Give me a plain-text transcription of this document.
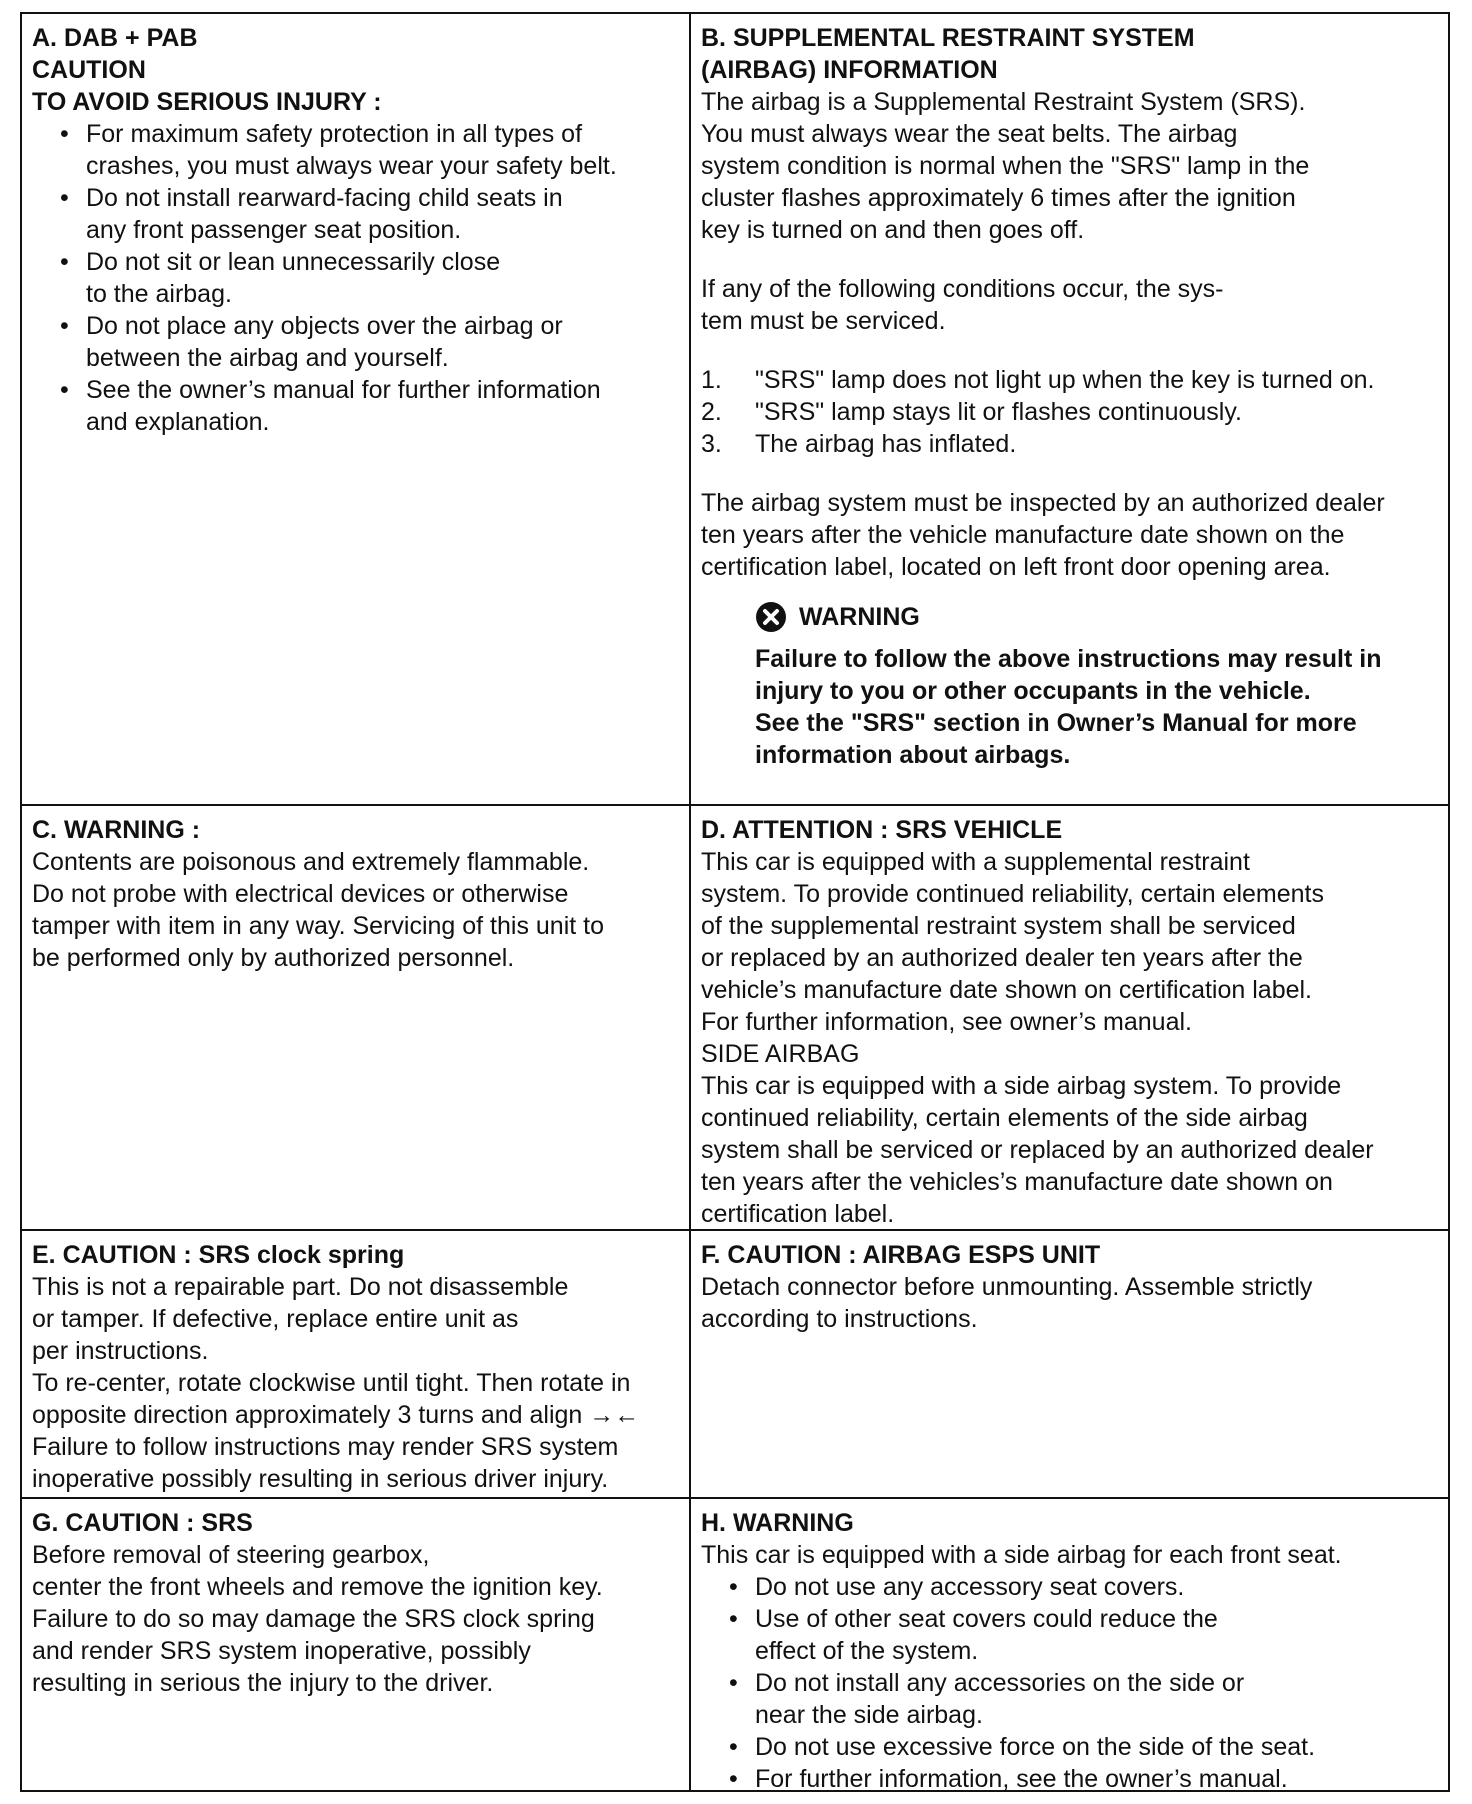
A. DAB + PAB
CAUTION
TO AVOID SERIOUS INJURY :
• For maximum safety protection in all types of
crashes, you must always wear your safety belt.
• Do not install rearward-facing child seats in
any front passenger seat position.
• Do not sit or lean unnecessarily close
to the airbag.
• Do not place any objects over the airbag or
between the airbag and yourself.
• See the owner’s manual for further information
and explanation.
B. SUPPLEMENTAL RESTRAINT SYSTEM
(AIRBAG) INFORMATION
The airbag is a Supplemental Restraint System (SRS).
You must always wear the seat belts. The airbag
system condition is normal when the "SRS" lamp in the
cluster flashes approximately 6 times after the ignition
key is turned on and then goes off.
If any of the following conditions occur, the sys-
tem must be serviced.
1. "SRS" lamp does not light up when the key is turned on.
2. "SRS" lamp stays lit or flashes continuously.
3. The airbag has inflated.
The airbag system must be inspected by an authorized dealer
ten years after the vehicle manufacture date shown on the
certification label, located on left front door opening area.
WARNING
Failure to follow the above instructions may result in
injury to you or other occupants in the vehicle.
See the "SRS" section in Owner’s Manual for more
information about airbags.
C. WARNING :
Contents are poisonous and extremely flammable.
Do not probe with electrical devices or otherwise
tamper with item in any way. Servicing of this unit to
be performed only by authorized personnel.
D. ATTENTION : SRS VEHICLE
This car is equipped with a supplemental restraint
system. To provide continued reliability, certain elements
of the supplemental restraint system shall be serviced
or replaced by an authorized dealer ten years after the
vehicle’s manufacture date shown on certification label.
For further information, see owner’s manual.
SIDE AIRBAG
This car is equipped with a side airbag system. To provide
continued reliability, certain elements of the side airbag
system shall be serviced or replaced by an authorized dealer
ten years after the vehicles’s manufacture date shown on
certification label.
E. CAUTION : SRS clock spring
This is not a repairable part. Do not disassemble
or tamper. If defective, replace entire unit as
per instructions.
To re-center, rotate clockwise until tight. Then rotate in
opposite direction approximately 3 turns and align →←
Failure to follow instructions may render SRS system
inoperative possibly resulting in serious driver injury.
F. CAUTION : AIRBAG ESPS UNIT
Detach connector before unmounting. Assemble strictly
according to instructions.
G. CAUTION : SRS
Before removal of steering gearbox,
center the front wheels and remove the ignition key.
Failure to do so may damage the SRS clock spring
and render SRS system inoperative, possibly
resulting in serious the injury to the driver.
H. WARNING
This car is equipped with a side airbag for each front seat.
• Do not use any accessory seat covers.
• Use of other seat covers could reduce the
effect of the system.
• Do not install any accessories on the side or
near the side airbag.
• Do not use excessive force on the side of the seat.
• For further information, see the owner’s manual.
